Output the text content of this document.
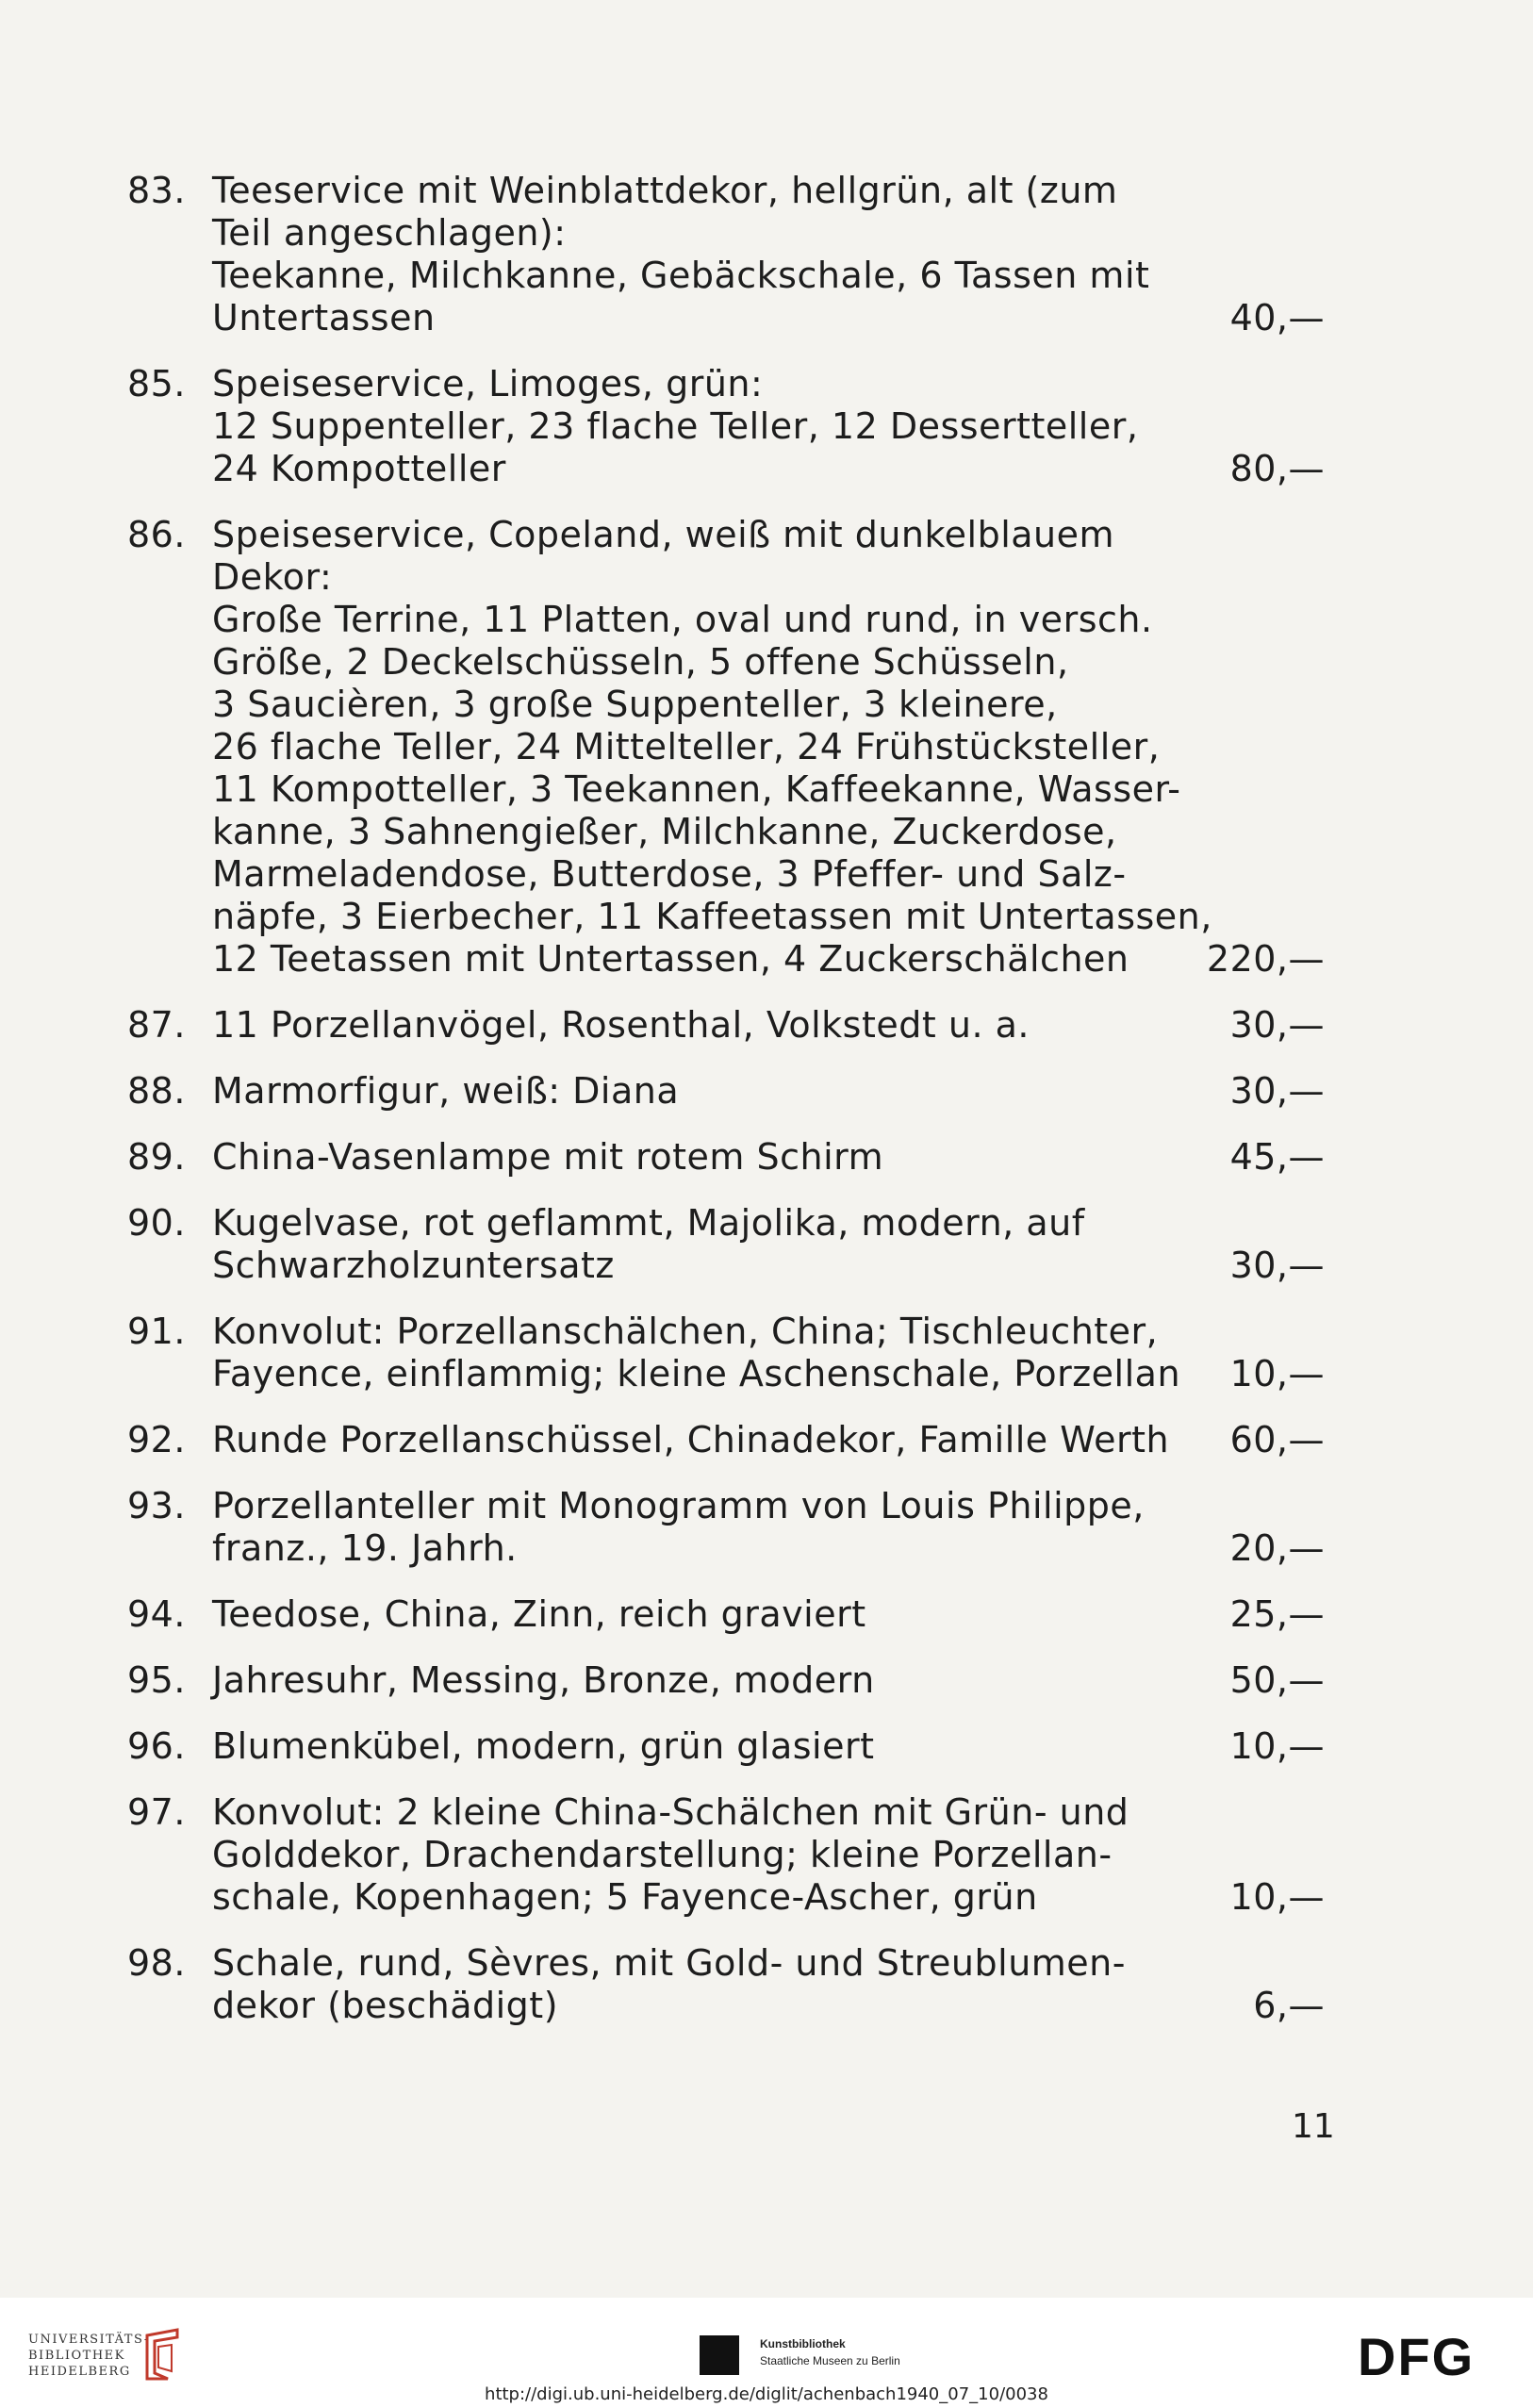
83. Teeservice mit Weinblattdekor, hellgrün, alt (zum
Teil angeschlagen):
Teekanne, Milchkanne, Gebäckschale, 6 Tassen mit
Untertassen	40,—
85. Speiseservice, Limoges, grün:
12 Suppenteller, 23 flache Teller, 12 Dessertteller,
24 Kompotteller	80,—
86. Speiseservice, Copeland, weiß mit dunkelblauem
Dekor:
Große Terrine, 11 Platten, oval und rund, in versch.
Größe, 2 Deckelschüsseln, 5 offene Schüsseln,
3 Saucièren, 3 große Suppenteller, 3 kleinere,
26 flache Teller, 24 Mittelteller, 24 Frühstücksteller,
11 Kompotteller, 3 Teekannen, Kaffeekanne, Wasser-
kanne, 3 Sahnengießer, Milchkanne, Zuckerdose,
Marmeladendose, Butterdose, 3 Pfeffer- und Salz-
näpfe, 3 Eierbecher, 11 Kaffeetassen mit Untertassen,
12 Teetassen mit Untertassen, 4 Zuckerschälchen 220,—
87. 11 Porzellanvögel, Rosenthal, Volkstedt u. a.	30,—
88. Marmorfigur, weiß: Diana	30,—
89. China-Vasenlampe mit rotem Schirm	45,—
90. Kugelvase, rot geflammt, Majolika, modern, auf
Schwarzholzuntersatz	30,—
91. Konvolut: Porzellanschälchen, China; Tischleuchter,
Fayence, einflammig; kleine Aschenschale, Porzellan 10,—
92. Runde Porzellanschüssel, Chinadekor, Famille Werth 60,—
93. Porzellanteller mit Monogramm von Louis Philippe,
franz., 19. Jahrh.	20,—
94. Teedose, China, Zinn, reich graviert	25,—
95. Jahresuhr, Messing, Bronze, modern	50,—
96. Blumenkübel, modern, grün glasiert	10,—
97. Konvolut: 2 kleine China-Schälchen mit Grün- und
Golddekor, Drachendarstellung; kleine Porzellan-
schale, Kopenhagen; 5 Fayence-Ascher, grün	10,—
98. Schale, rund, Sèvres, mit Gold- und Streublumen-
dekor (beschädigt)	6,—
11
UNIVERSITÄTS-
BIBLIOTHEK
HEIDELBERG
Kunstbibliothek
Staatliche Museen zu Berlin	DFG
http://digi.ub.uni-heidelberg.de/diglit/achenbach1940_07_10/0038
